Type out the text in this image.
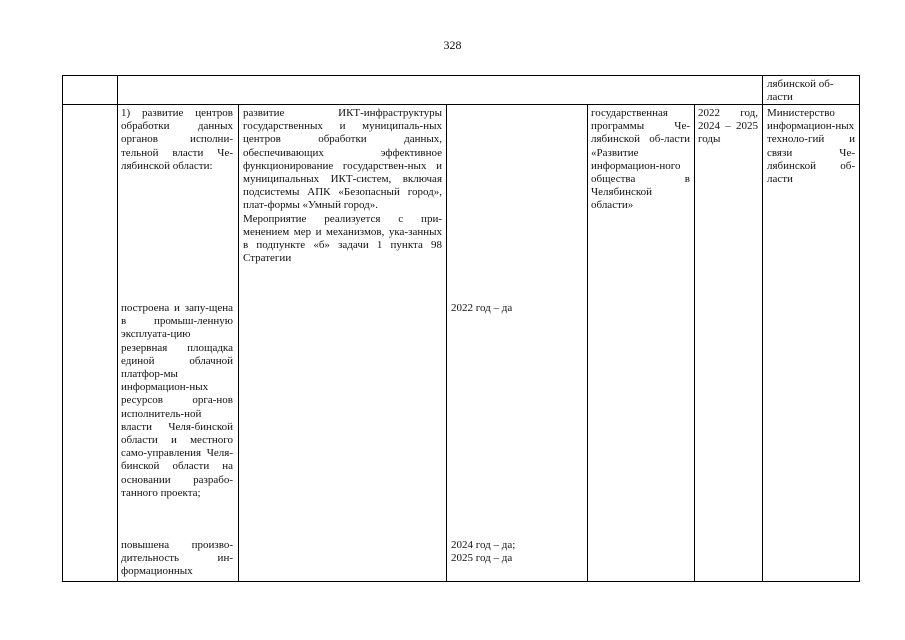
328
лябинской об-
ласти
1) развитие центров обработки данных органов исполни-тельной власти Че-лябинской области:
построена и запу-щена в промыш-ленную эксплуата-цию резервная площадка единой облачной платфор-мы информацион-ных ресурсов орга-нов исполнитель-ной власти Челя-бинской области и местного само-управления Челя-бинской области на основании разрабо-танного проекта;
повышена произво-дительность ин-формационных

развитие ИКТ-инфраструктуры государственных и муниципаль-ных центров обработки данных, обеспечивающих эффективное функционирование государствен-ных и муниципальных ИКТ-систем, включая подсистемы АПК «Безопасный город», плат-формы «Умный город».

Мероприятие реализуется с при-менением мер и механизмов, ука-занных в подпунктe «б» задачи 1 пункта 98 Стратегии

2022 год – да
2024 год – да;
2025 год – да
государственная программы Че-лябинской об-ласти «Развитие информацион-ного общества в Челябинской области»
2022 год, 2024 – 2025 годы
Министерство информацион-ных техноло-гий и связи Че-лябинской об-ласти
